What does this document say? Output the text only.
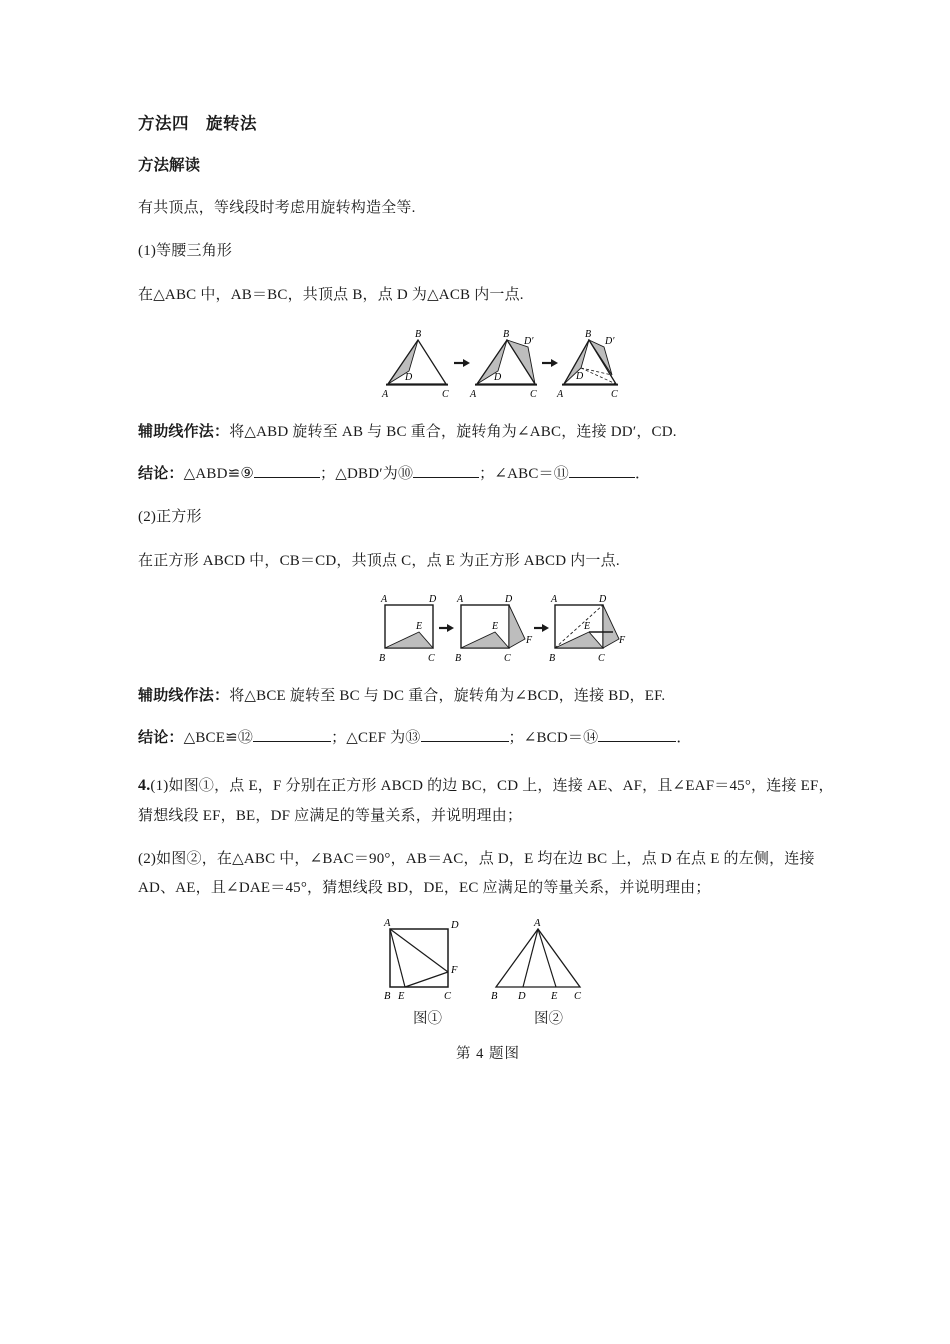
方法四　旋转法
方法解读
有共顶点，等线段时考虑用旋转构造全等.
(1)等腰三角形
在△ABC 中，AB＝BC，共顶点 B，点 D 为△ACB 内一点.
B
A	C
D
B
A	C
D
D′
B
A	C
D
D′
辅助线作法：将△ABD 旋转至 AB 与 BC 重合，旋转角为∠ABC，连接 DD′，CD.
结论：△ABD≌⑨	；△DBD′为⑩	；∠ABC＝⑪	．
(2)正方形
在正方形 ABCD 中，CB＝CD，共顶点 C，点 E 为正方形 ABCD 内一点.
A	D
B	C
E
A	D
B	C
E
F
A	D
B	C
E
F
辅助线作法：将△BCE 旋转至 BC 与 DC 重合，旋转角为∠BCD，连接 BD，EF.
结论：△BCE≌⑫	；△CEF 为⑬	；∠BCD＝⑭	．
4.(1)如图①，点 E，F 分别在正方形 ABCD 的边 BC，CD 上，连接 AE、AF，且∠EAF＝45°，连接 EF，猜想线段 EF，BE，DF 应满足的等量关系，并说明理由；
(2)如图②，在△ABC 中，∠BAC＝90°，AB＝AC，点 D，E 均在边 BC 上，点 D 在点 E 的左侧，连接 AD、AE，且∠DAE＝45°，猜想线段 BD，DE，EC 应满足的等量关系，并说明理由；
A	D
F
B E	C
A
B D E C
图①	图②
第 4 题图
